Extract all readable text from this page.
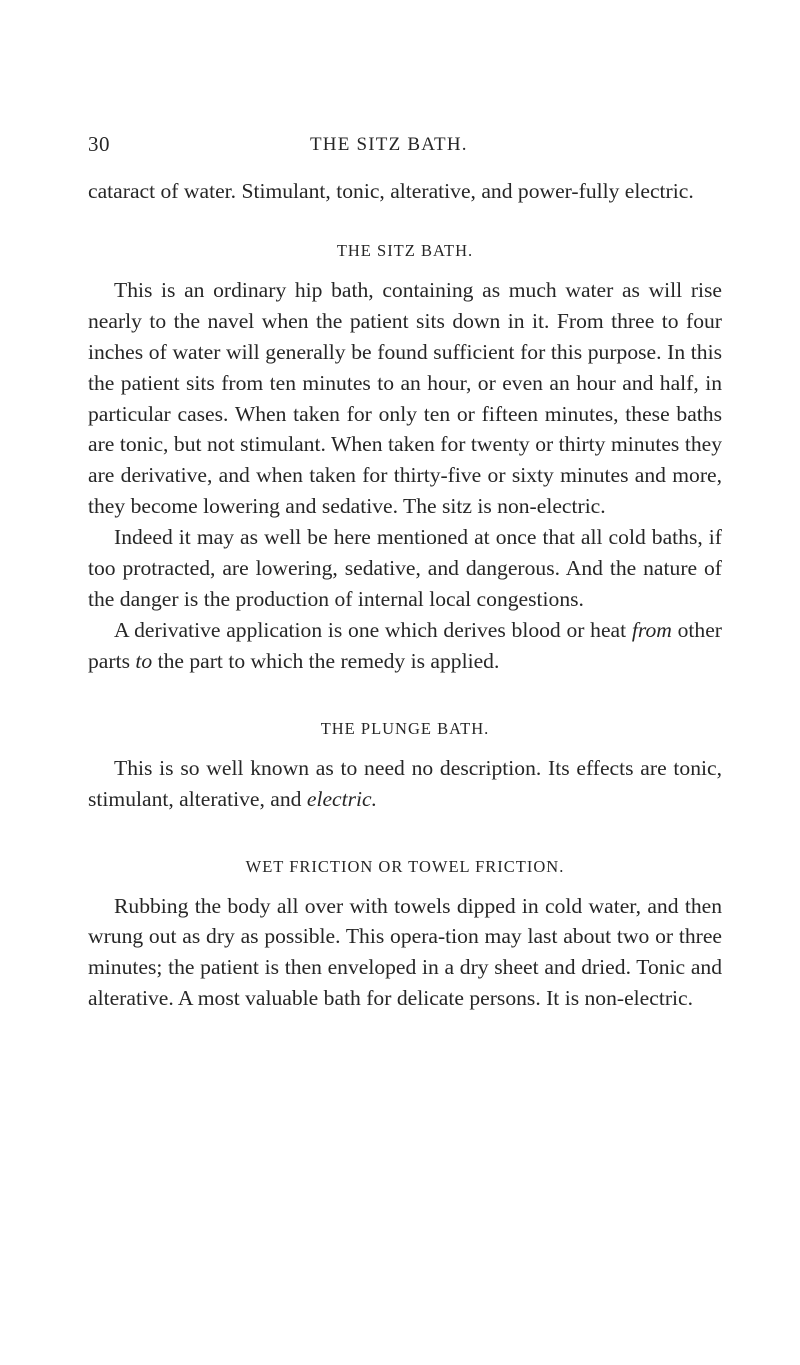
30	THE SITZ BATH.

cataract of water. Stimulant, tonic, alterative, and power-fully electric.

THE SITZ BATH.

This is an ordinary hip bath, containing as much water as will rise nearly to the navel when the patient sits down in it. From three to four inches of water will generally be found sufficient for this purpose. In this the patient sits from ten minutes to an hour, or even an hour and half, in particular cases. When taken for only ten or fifteen minutes, these baths are tonic, but not stimulant. When taken for twenty or thirty minutes they are derivative, and when taken for thirty-five or sixty minutes and more, they become lowering and sedative. The sitz is non-electric.

Indeed it may as well be here mentioned at once that all cold baths, if too protracted, are lowering, sedative, and dangerous. And the nature of the danger is the production of internal local congestions.

A derivative application is one which derives blood or heat from other parts to the part to which the remedy is applied.

THE PLUNGE BATH.

This is so well known as to need no description. Its effects are tonic, stimulant, alterative, and electric.

WET FRICTION OR TOWEL FRICTION.

Rubbing the body all over with towels dipped in cold water, and then wrung out as dry as possible. This opera-tion may last about two or three minutes; the patient is then enveloped in a dry sheet and dried. Tonic and alterative. A most valuable bath for delicate persons. It is non-electric.
